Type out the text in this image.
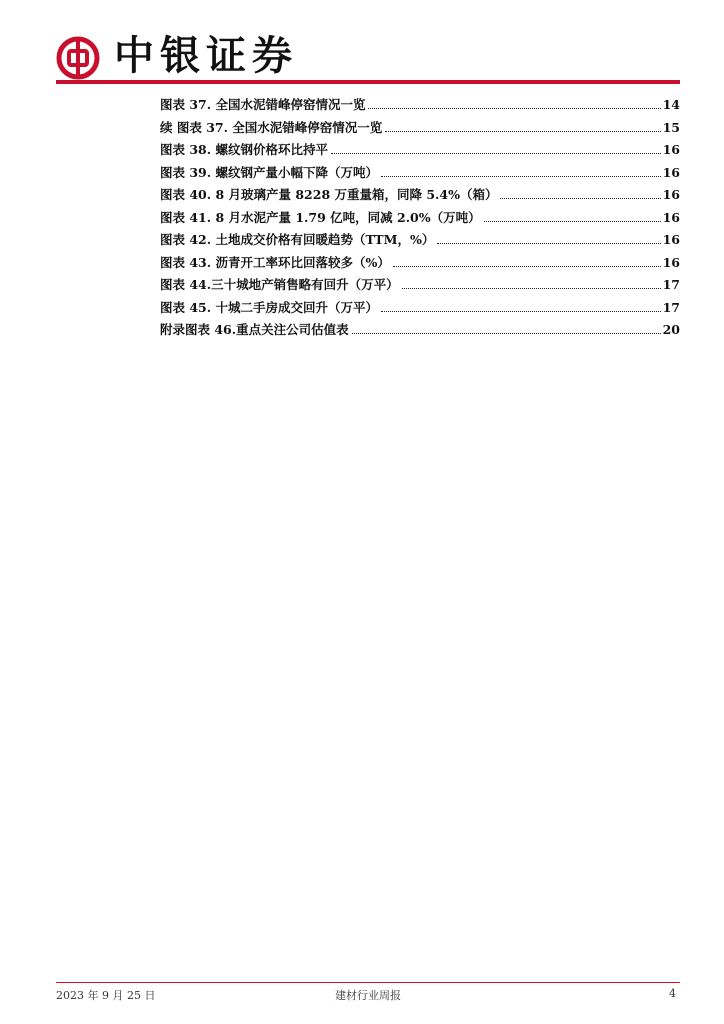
中银证券
图表 37. 全国水泥错峰停窑情况一览	14
续 图表 37. 全国水泥错峰停窑情况一览	15
图表 38. 螺纹钢价格环比持平	16
图表 39. 螺纹钢产量小幅下降（万吨）	16
图表 40. 8 月玻璃产量 8228 万重量箱，同降 5.4%（箱）	16
图表 41. 8 月水泥产量 1.79 亿吨，同减 2.0%（万吨）	16
图表 42. 土地成交价格有回暖趋势（TTM，%）	16
图表 43. 沥青开工率环比回落较多（%）	16
图表 44.三十城地产销售略有回升（万平）	17
图表 45. 十城二手房成交回升（万平）	17
附录图表 46.重点关注公司估值表	20
2023 年 9 月 25 日	建材行业周报	4
